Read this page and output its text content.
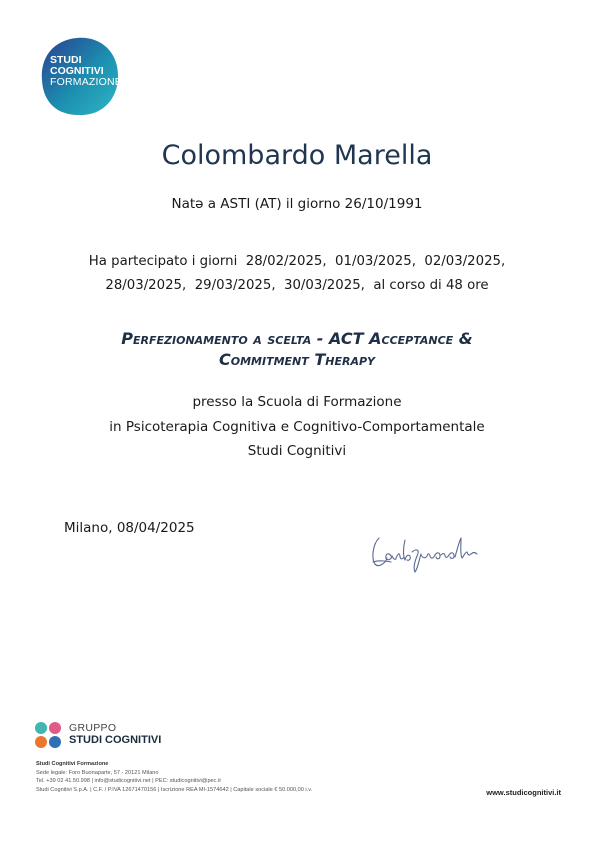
STUDI
COGNITIVI
FORMAZIONE
Colombardo Marella
Natə a ASTI (AT) il giorno 26/10/1991
Ha partecipato i giorni  28/02/2025,  01/03/2025,  02/03/2025,
28/03/2025,  29/03/2025,  30/03/2025,  al corso di 48 ore
Perfezionamento a scelta - ACT Acceptance &
Commitment Therapy
presso la Scuola di Formazione
in Psicoterapia Cognitiva e Cognitivo-Comportamentale
Studi Cognitivi
Milano, 08/04/2025
GRUPPO
STUDI COGNITIVI
Studi Cognitivi Formazione
Sede legale: Foro Buonaparte, 57 - 20121 Milano
Tel. +39 02 41.50.998 | info@studicognitivi.net | PEC: studicognitivi@pec.it
Studi Cognitivi S.p.A. | C.F. / P.IVA 12671470156 | Iscrizione REA MI-1574642 | Capitale sociale € 50.000,00 i.v.	www.studicognitivi.it
